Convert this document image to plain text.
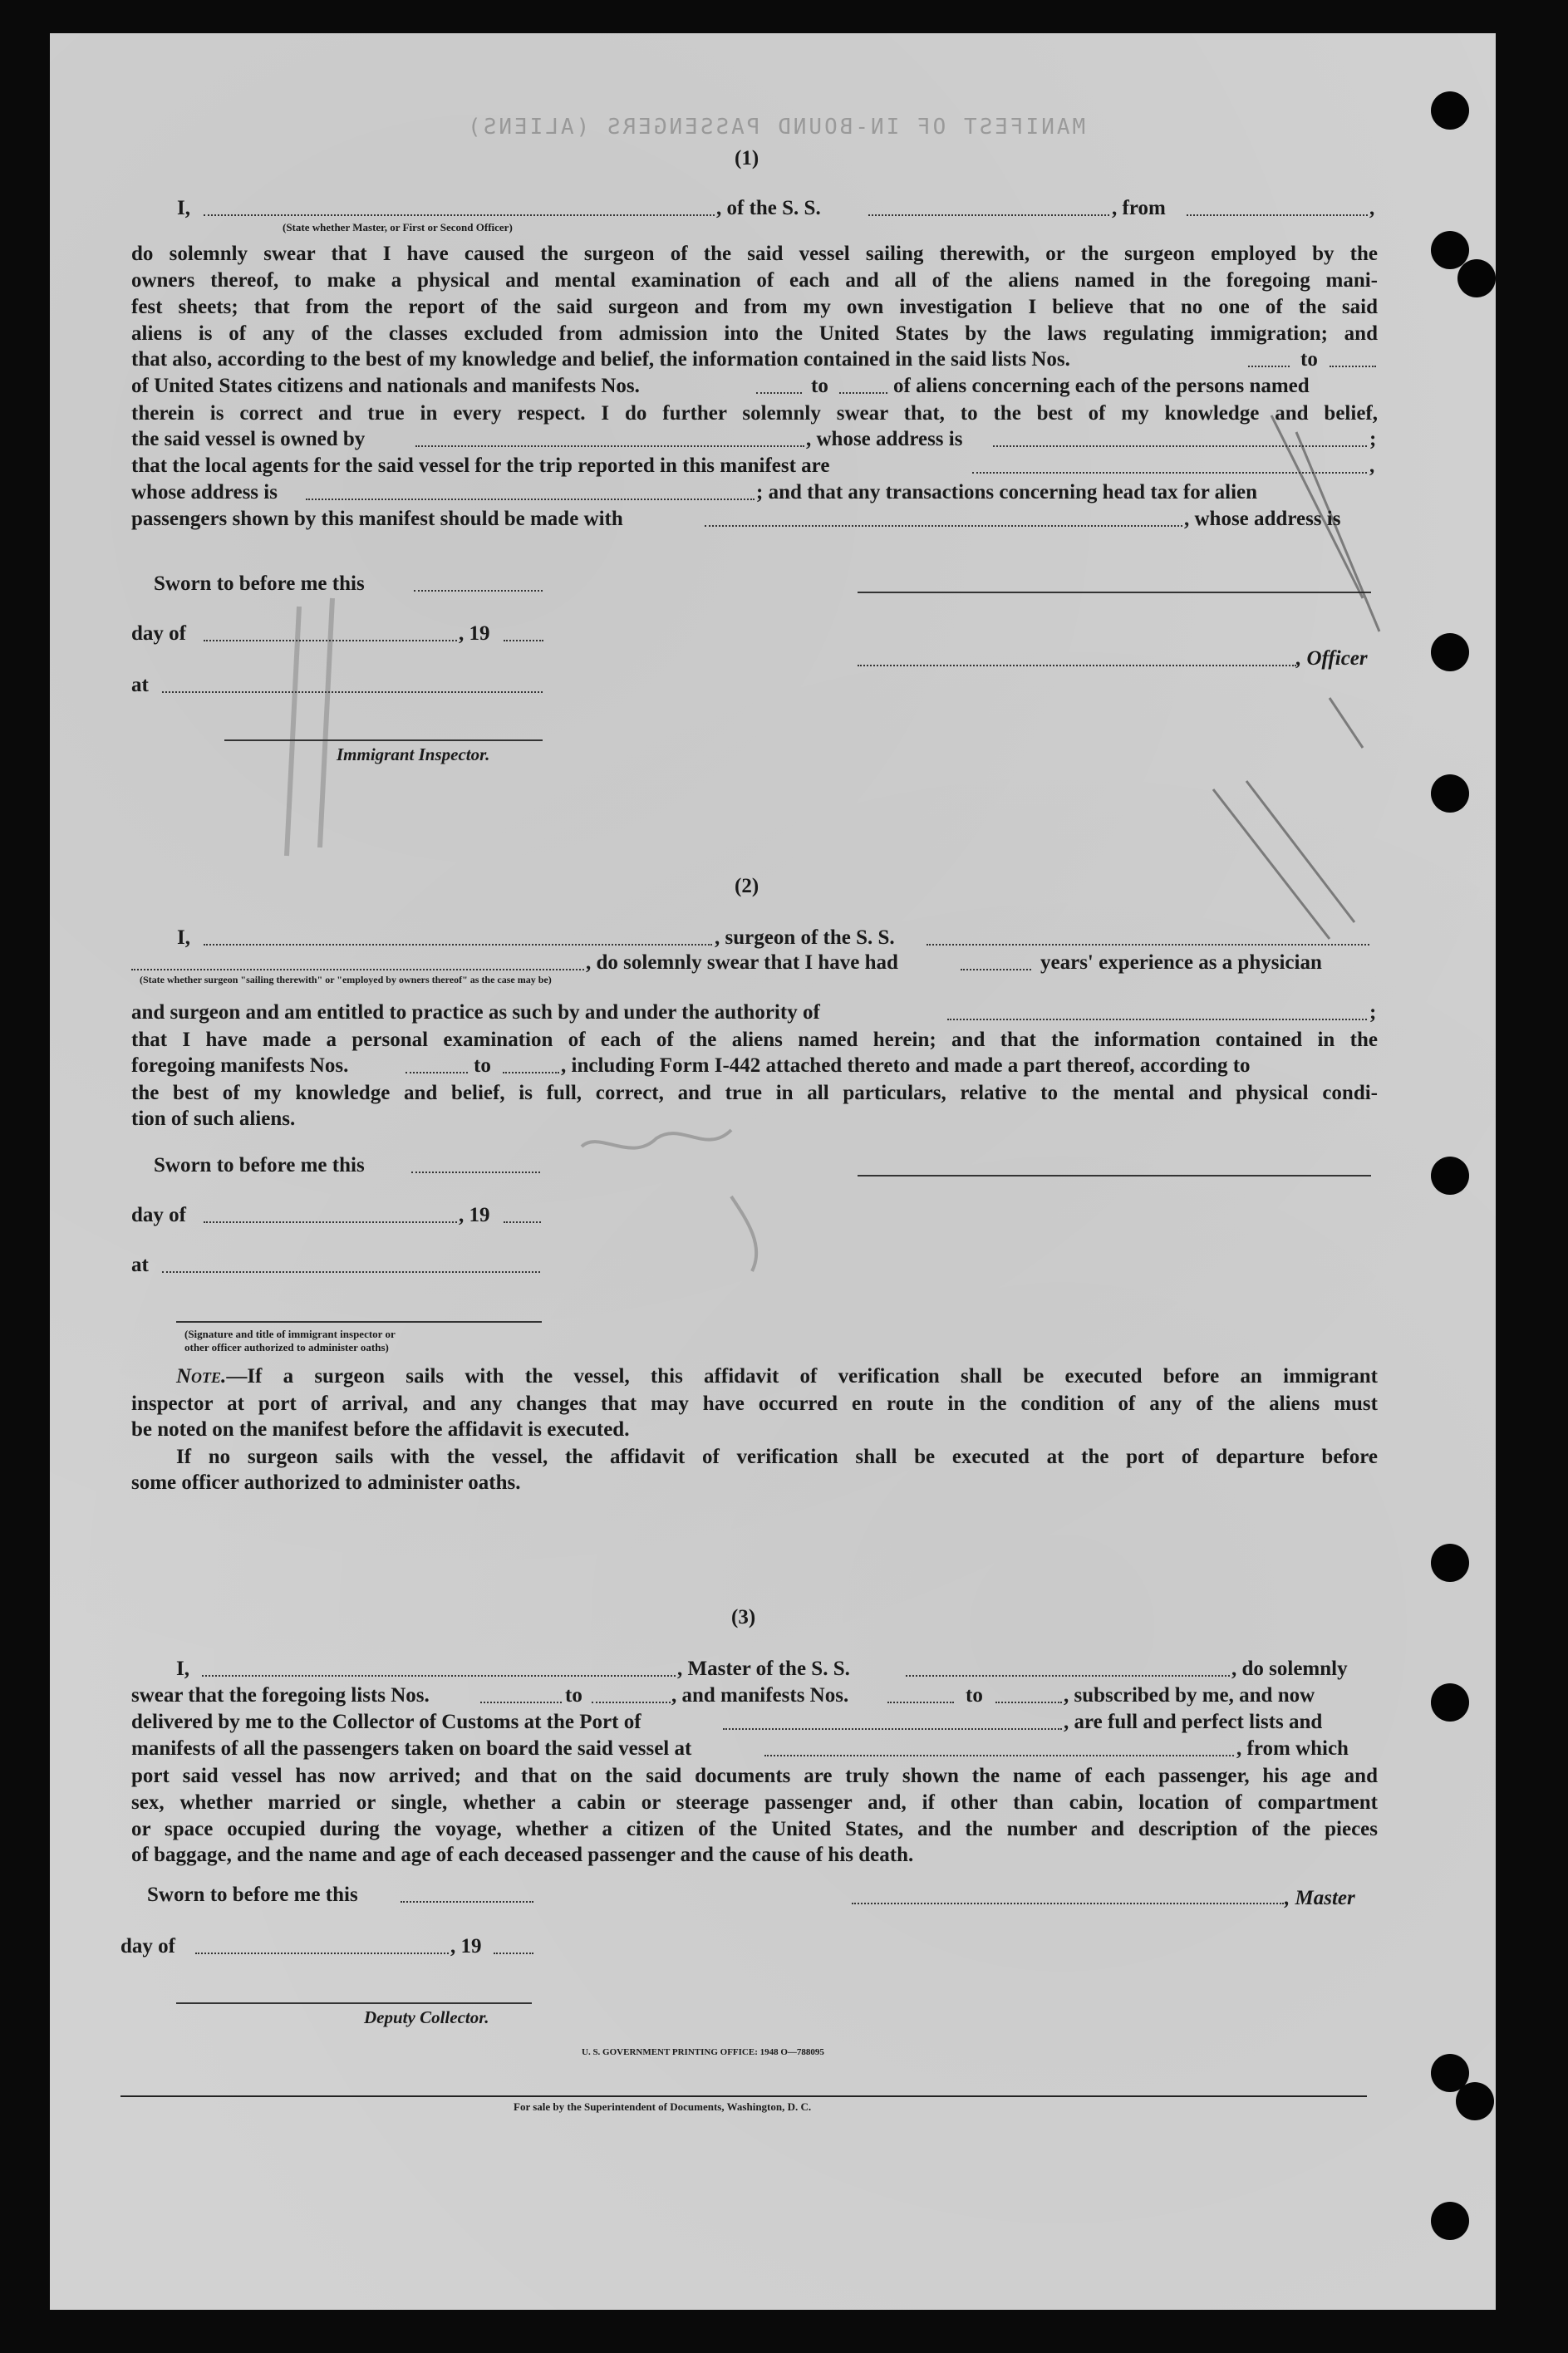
MANIFEST OF IN-BOUND PASSENGERS (ALIENS)
(1)
I,	, of the S. S.	, from	,
(State whether Master, or First or Second Officer)
do solemnly swear that I have caused the surgeon of the said vessel sailing therewith, or the surgeon employed by the
owners thereof, to make a physical and mental examination of each and all of the aliens named in the foregoing mani-
fest sheets; that from the report of the said surgeon and from my own investigation I believe that no one of the said
aliens is of any of the classes excluded from admission into the United States by the laws regulating immigration; and
that also, according to the best of my knowledge and belief, the information contained in the said lists Nos.	to
of United States citizens and nationals and manifests Nos.	to	of aliens concerning each of the persons named
therein is correct and true in every respect. I do further solemnly swear that, to the best of my knowledge and belief,
the said vessel is owned by	, whose address is	;
that the local agents for the said vessel for the trip reported in this manifest are	,
whose address is	; and that any transactions concerning head tax for alien
passengers shown by this manifest should be made with	, whose address is
Sworn to before me this
day of	, 19
, Officer
at
Immigrant Inspector.
(2)
I,	, surgeon of the S. S.
, do solemnly swear that I have had	years' experience as a physician
(State whether surgeon "sailing therewith" or "employed by owners thereof" as the case may be)
and surgeon and am entitled to practice as such by and under the authority of	;
that I have made a personal examination of each of the aliens named herein; and that the information contained in the
foregoing manifests Nos.	to	, including Form I-442 attached thereto and made a part thereof, according to
the best of my knowledge and belief, is full, correct, and true in all particulars, relative to the mental and physical condi-
tion of such aliens.
Sworn to before me this
day of	, 19
at
(Signature and title of immigrant inspector or
other officer authorized to administer oaths)
Note. —If a surgeon sails with the vessel, this affidavit of verification shall be executed before an immigrant
inspector at port of arrival, and any changes that may have occurred en route in the condition of any of the aliens must
be noted on the manifest before the affidavit is executed.
If no surgeon sails with the vessel, the affidavit of verification shall be executed at the port of departure before
some officer authorized to administer oaths.
(3)
I,	, Master of the S. S.	, do solemnly
swear that the foregoing lists Nos.	to	, and manifests Nos.	to	, subscribed by me, and now
delivered by me to the Collector of Customs at the Port of	, are full and perfect lists and
manifests of all the passengers taken on board the said vessel at	, from which
port said vessel has now arrived; and that on the said documents are truly shown the name of each passenger, his age and
sex, whether married or single, whether a cabin or steerage passenger and, if other than cabin, location of compartment
or space occupied during the voyage, whether a citizen of the United States, and the number and description of the pieces
of baggage, and the name and age of each deceased passenger and the cause of his death.
Sworn to before me this	, Master
day of	, 19
Deputy Collector.
U. S. GOVERNMENT PRINTING OFFICE: 1948 O—788095
For sale by the Superintendent of Documents, Washington, D. C.
